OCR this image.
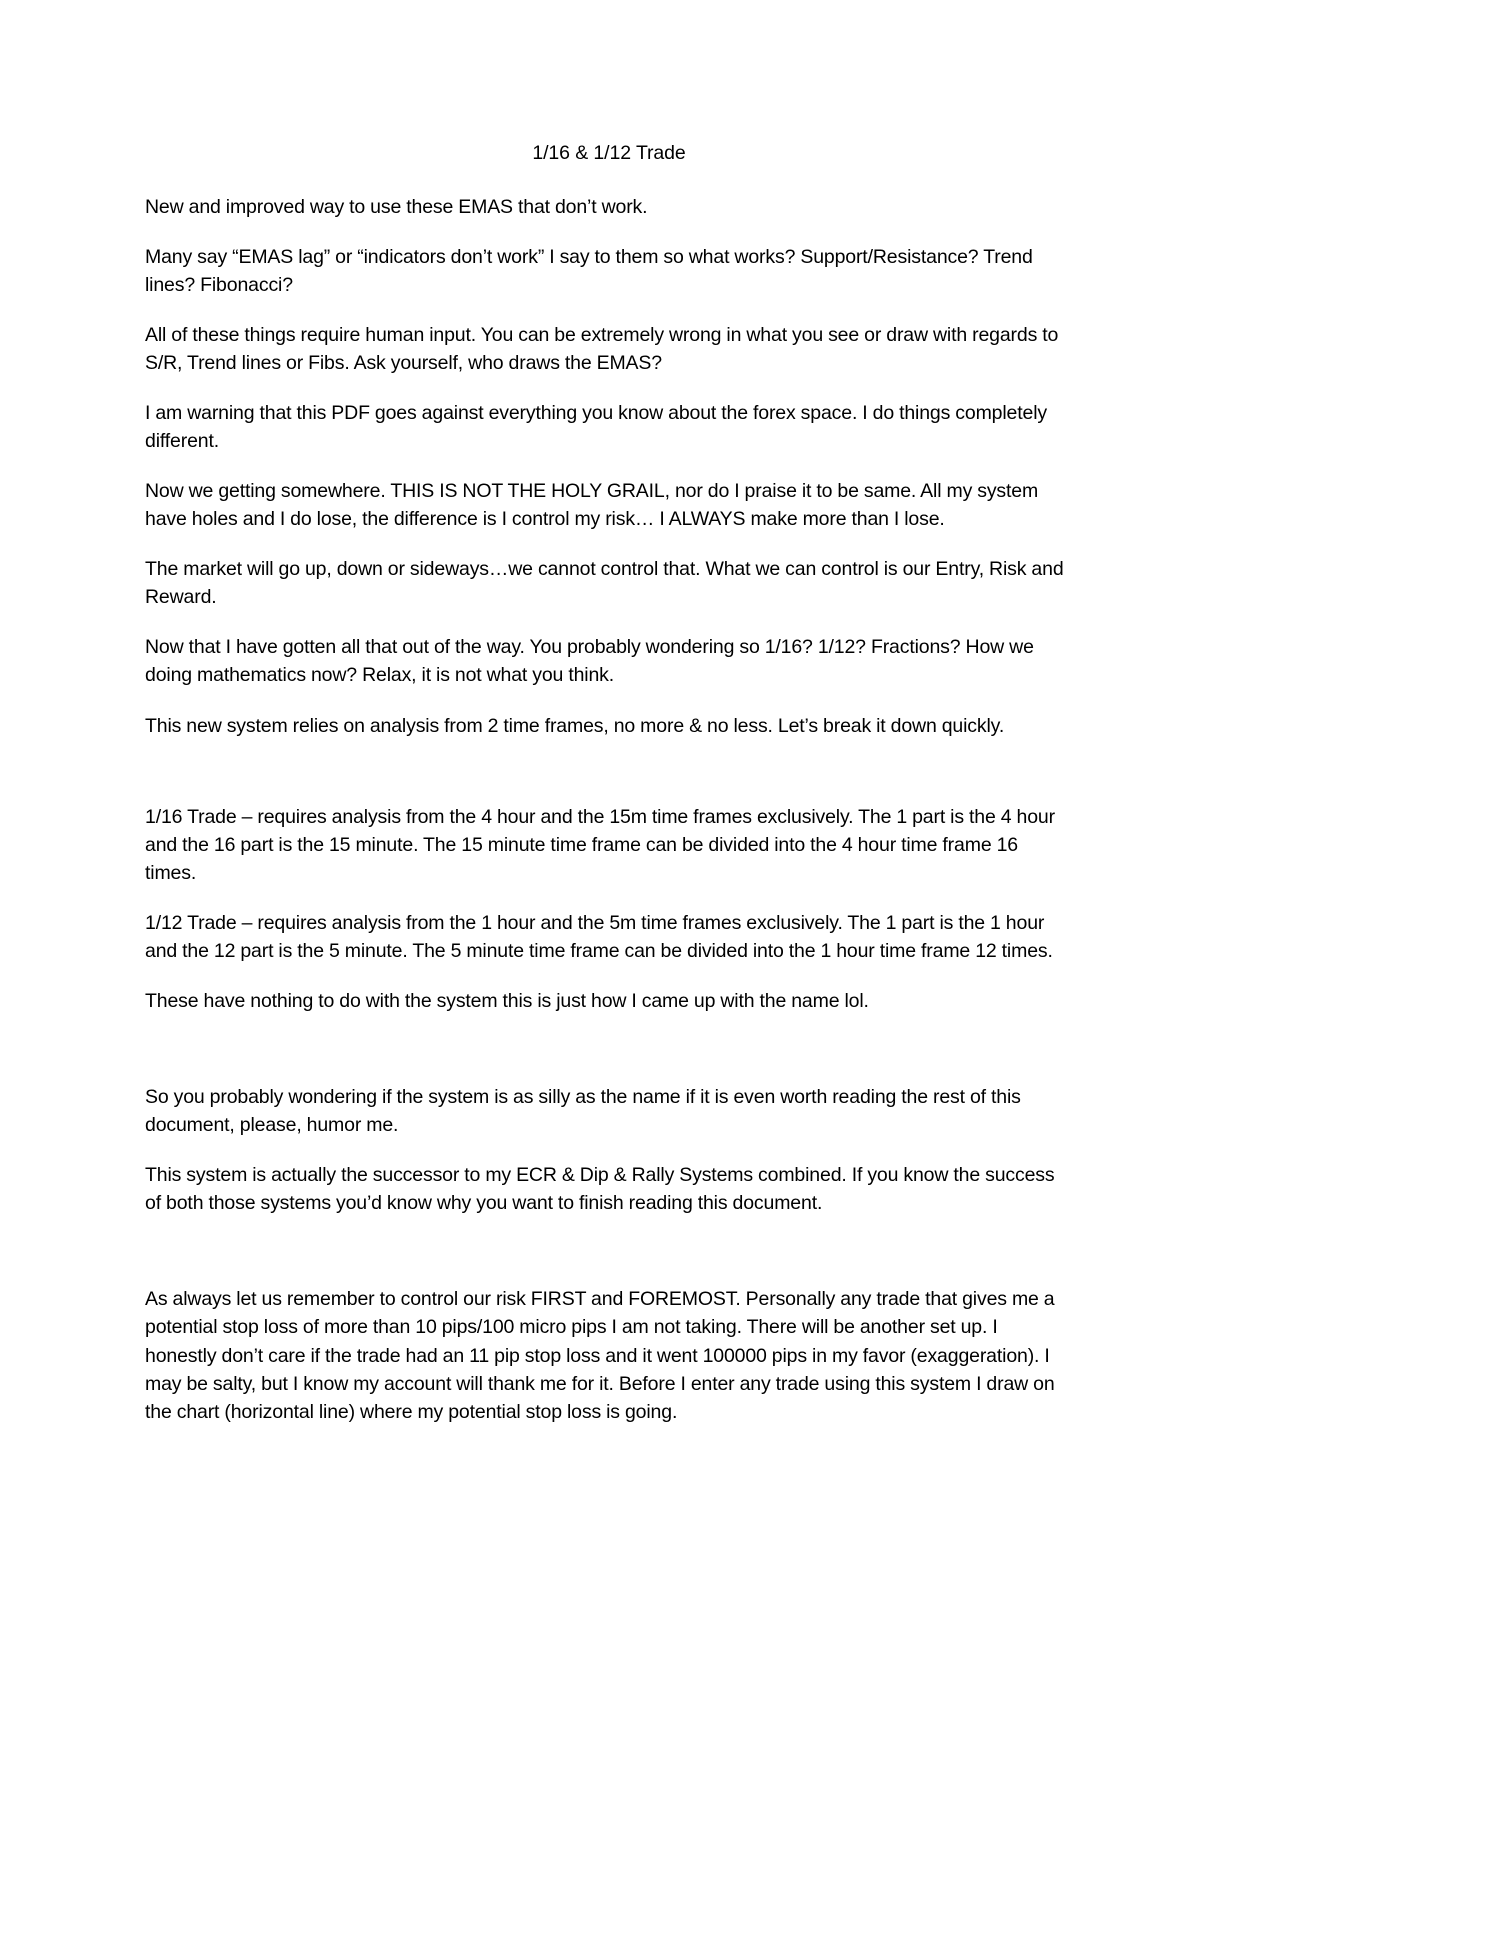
1/16 & 1/12 Trade

New and improved way to use these EMAS that don’t work.

Many say “EMAS lag” or “indicators don’t work” I say to them so what works? Support/Resistance? Trend lines? Fibonacci?

All of these things require human input. You can be extremely wrong in what you see or draw with regards to S/R, Trend lines or Fibs. Ask yourself, who draws the EMAS?

I am warning that this PDF goes against everything you know about the forex space. I do things completely different.

Now we getting somewhere. THIS IS NOT THE HOLY GRAIL, nor do I praise it to be same. All my system have holes and I do lose, the difference is I control my risk… I ALWAYS make more than I lose.

The market will go up, down or sideways…we cannot control that. What we can control is our Entry, Risk and Reward.

Now that I have gotten all that out of the way. You probably wondering so 1/16? 1/12? Fractions? How we doing mathematics now? Relax, it is not what you think.

This new system relies on analysis from 2 time frames, no more & no less. Let’s break it down quickly.

1/16 Trade – requires analysis from the 4 hour and the 15m time frames exclusively. The 1 part is the 4 hour and the 16 part is the 15 minute. The 15 minute time frame can be divided into the 4 hour time frame 16 times.

1/12 Trade – requires analysis from the 1 hour and the 5m time frames exclusively. The 1 part is the 1 hour and the 12 part is the 5 minute. The 5 minute time frame can be divided into the 1 hour time frame 12 times.

These have nothing to do with the system this is just how I came up with the name lol.

So you probably wondering if the system is as silly as the name if it is even worth reading the rest of this document, please, humor me.

This system is actually the successor to my ECR & Dip & Rally Systems combined. If you know the success of both those systems you’d know why you want to finish reading this document.

As always let us remember to control our risk FIRST and FOREMOST. Personally any trade that gives me a potential stop loss of more than 10 pips/100 micro pips I am not taking. There will be another set up. I honestly don’t care if the trade had an 11 pip stop loss and it went 100000 pips in my favor (exaggeration). I may be salty, but I know my account will thank me for it. Before I enter any trade using this system I draw on the chart (horizontal line) where my potential stop loss is going.
